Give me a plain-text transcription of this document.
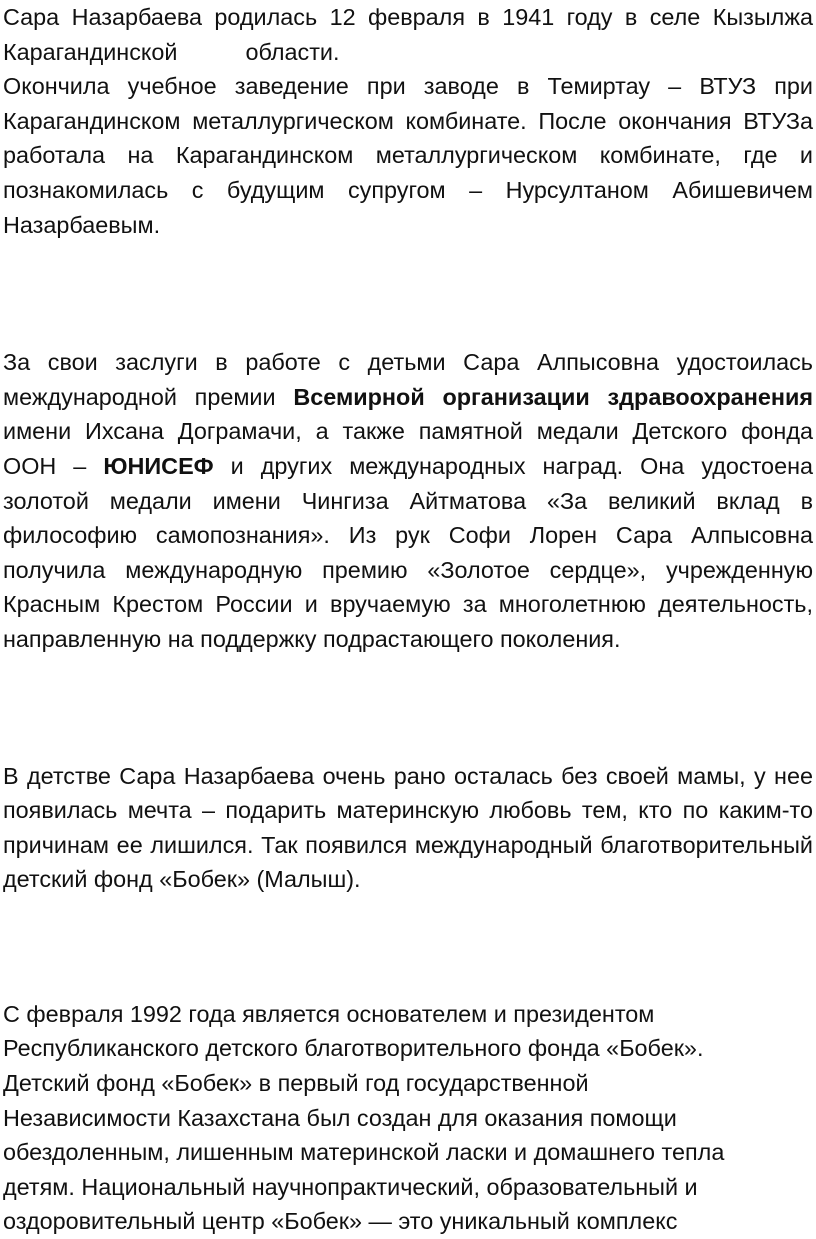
Сара Назарбаева родилась 12 февраля в 1941 году в селе Кызылжа Карагандинской	области.

Окончила учебное заведение при заводе в Темиртау – ВТУЗ при Карагандинском металлургическом комбинате. После окончания ВТУЗа работала на Карагандинском металлургическом комбинате, где и познакомилась с будущим супругом – Нурсултаном Абишевичем Назарбаевым.

За свои заслуги в работе с детьми Сара Алпысовна удостоилась международной премии Всемирной организации здравоохранения имени Ихсана Дограмачи, а также памятной медали Детского фонда ООН – ЮНИСЕФ и других международных наград. Она удостоена золотой медали имени Чингиза Айтматова «За великий вклад в философию самопознания». Из рук Софи Лорен Сара Алпысовна получила международную премию «Золотое сердце», учрежденную Красным Крестом России и вручаемую за многолетнюю деятельность, направленную на поддержку подрастающего поколения.

В детстве Сара Назарбаева очень рано осталась без своей мамы, у нее появилась мечта – подарить материнскую любовь тем, кто по каким-то причинам ее лишился. Так появился международный благотворительный детский фонд «Бобек» (Малыш).

С февраля 1992 года является основателем и президентом
Республиканского детского благотворительного фонда «Бобек».
Детский фонд «Бобек» в первый год государственной
Независимости Казахстана был создан для оказания помощи
обездоленным, лишенным материнской ласки и домашнего тепла
детям. Национальный научнопрактический, образовательный и
оздоровительный центр «Бобек» — это уникальный комплекс
